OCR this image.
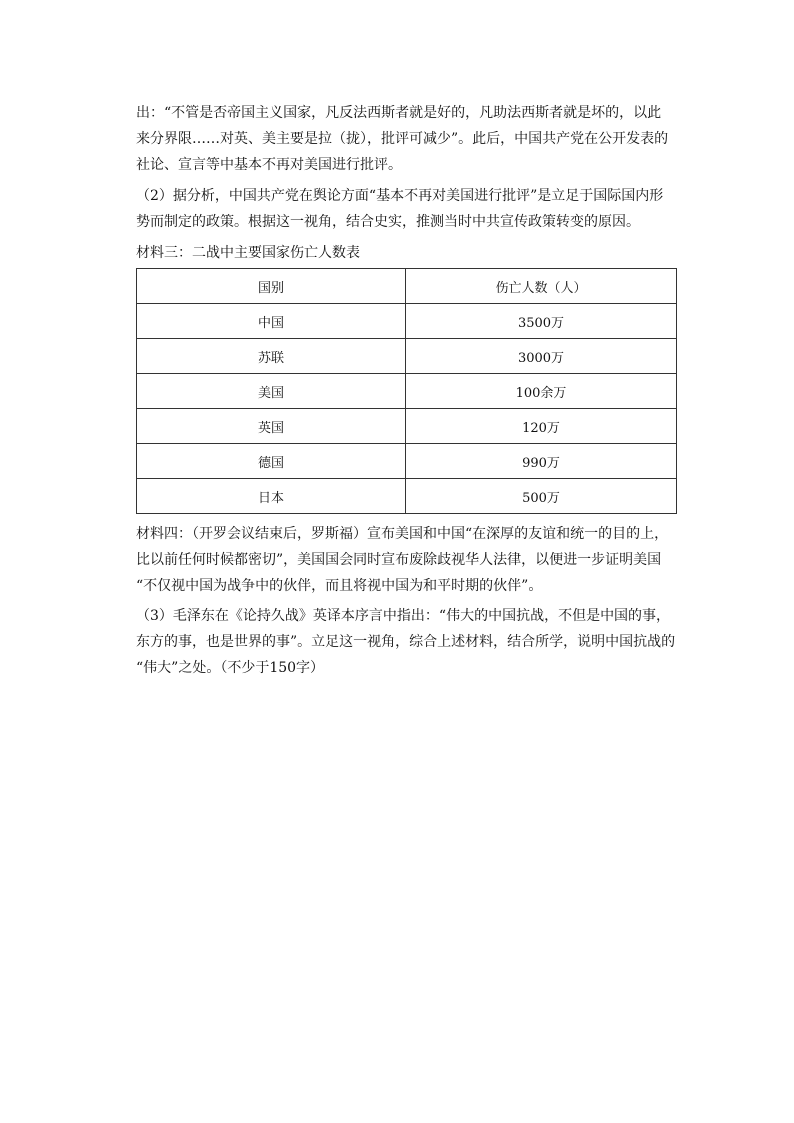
出：“不管是否帝国主义国家，凡反法西斯者就是好的，凡助法西斯者就是坏的，以此
来分界限……对英、美主要是拉（拢），批评可减少”。此后，中国共产党在公开发表的
社论、宣言等中基本不再对美国进行批评。

（2）据分析，中国共产党在舆论方面“基本不再对美国进行批评”是立足于国际国内形
势而制定的政策。根据这一视角，结合史实，推测当时中共宣传政策转变的原因。

材料三：二战中主要国家伤亡人数表

国别	伤亡人数（人）
中国	3500万
苏联	3000万
美国	100余万
英国	120万
德国	990万
日本	500万

材料四：（开罗会议结束后，罗斯福）宣布美国和中国“在深厚的友谊和统一的目的上，
比以前任何时候都密切”，美国国会同时宣布废除歧视华人法律，以便进一步证明美国
“不仅视中国为战争中的伙伴，而且将视中国为和平时期的伙伴”。

（3）毛泽东在《论持久战》英译本序言中指出：“伟大的中国抗战，不但是中国的事，
东方的事，也是世界的事”。立足这一视角，综合上述材料，结合所学，说明中国抗战的
“伟大”之处。（不少于150字）
